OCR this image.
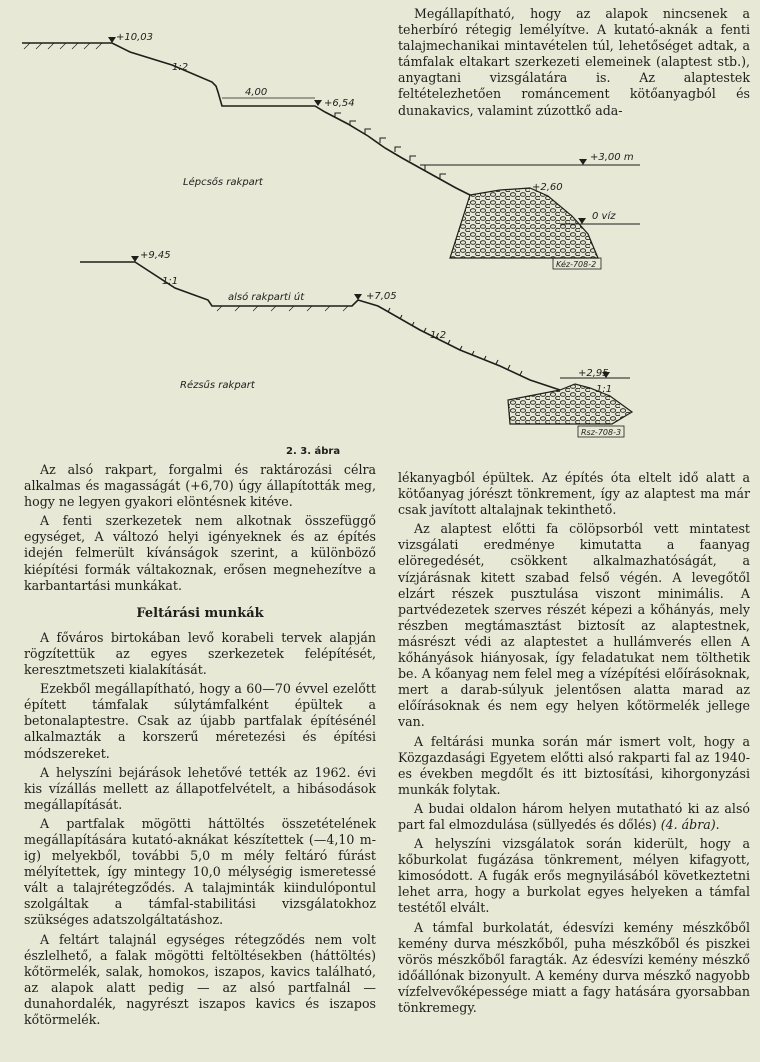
Megállapítható, hogy az alapok nincsenek a teherbíró rétegig lemélyítve. A kutató-aknák a fenti talajmechanikai mintavételen túl, lehetőséget adtak, a támfalak eltakart szerkezeti elemeinek (alaptest stb.), anyagtani vizsgálatára is. Az alaptestek feltételezhetően románcement kötőanyagból és dunakavics, valamint zúzottkő ada-

4,00
+10,03
1:2
+6,54
+3,00 m
+2,60
0 víz
Kéz-708-2
Lépcsős rakpart
+9,45
1:1
alsó rakparti út	+7,05
1:2
+2,95
1:1
Rsz-708-3
Rézsűs rakpart
2. 3. ábra

Az alsó rakpart, forgalmi és raktározási célra alkalmas és magasságát (+6,70) úgy állapították meg, hogy ne legyen gyakori elöntésnek kitéve.

A fenti szerkezetek nem alkotnak összefüggő egységet, A változó helyi igényeknek és az építés idején felmerült kívánságok szerint, a különböző kiépítési formák váltakoznak, erősen megnehezítve a karbantartási munkákat.

Feltárási munkák

A főváros birtokában levő korabeli tervek alapján rögzítettük az egyes szerkezetek felépítését, keresztmetszeti kialakítását.

Ezekből megállapítható, hogy a 60—70 évvel ezelőtt épített támfalak súlytámfalként épültek a betonalaptestre. Csak az újabb partfalak építésénél alkalmazták a korszerű méretezési és építési módszereket.

A helyszíni bejárások lehetővé tették az 1962. évi kis vízállás mellett az állapotfelvételt, a hibásodások megállapítását.

A partfalak mögötti háttöltés összetételének megállapítására kutató-aknákat készítettek (—4,10 m-ig) melyekből, további 5,0 m mély feltáró fúrást mélyítettek, így mintegy 10,0 mélységig ismeretessé vált a talajrétegződés. A talajminták kiindulópontul szolgáltak a támfal-stabilitási vizsgálatokhoz szükséges adatszolgáltatáshoz.

A feltárt talajnál egységes rétegződés nem volt észlelhető, a falak mögötti feltöltésekben (háttöltés) kőtörmelék, salak, homokos, iszapos, kavics található, az alapok alatt pedig — az alsó partfalnál — dunahordalék, nagyrészt iszapos kavics és iszapos kőtörmelék.

lékanyagból épültek. Az építés óta eltelt idő alatt a kötőanyag jórészt tönkrement, így az alaptest ma már csak javított altalajnak tekinthető.

Az alaptest előtti fa cölöpsorból vett mintatest vizsgálati eredménye kimutatta a faanyag elöregedését, csökkent alkalmazhatóságát, a vízjárásnak kitett szabad felső végén. A levegőtől elzárt részek pusztulása viszont minimális. A partvédezetek szerves részét képezi a kőhányás, mely részben megtámasztást biztosít az alaptestnek, másrészt védi az alaptestet a hullámverés ellen A kőhányások hiányosak, így feladatukat nem tölthetik be. A kőanyag nem felel meg a vízépítési előírásoknak, mert a darab-súlyuk jelentősen alatta marad az előírásoknak és nem egy helyen kőtörmelék jellege van.

A feltárási munka során már ismert volt, hogy a Közgazdasági Egyetem előtti alsó rakparti fal az 1940-es években megdőlt és itt biztosítási, kihorgonyzási munkák folytak.

A budai oldalon három helyen mutatható ki az alsó part fal elmozdulása (süllyedés és dőlés) (4. ábra).

A helyszíni vizsgálatok során kiderült, hogy a kőburkolat fugázása tönkrement, mélyen kifagyott, kimosódott. A fugák erős megnyilásából következtetni lehet arra, hogy a burkolat egyes helyeken a támfal testétől elvált.

A támfal burkolatát, édesvízi kemény mészkőből kemény durva mészkőből, puha mészkőből és piszkei vörös mészkőből faragták. Az édesvízi kemény mészkő időállónak bizonyult. A kemény durva mészkő nagyobb vízfelvevőképessége miatt a fagy hatására gyorsabban tönkremegy.
